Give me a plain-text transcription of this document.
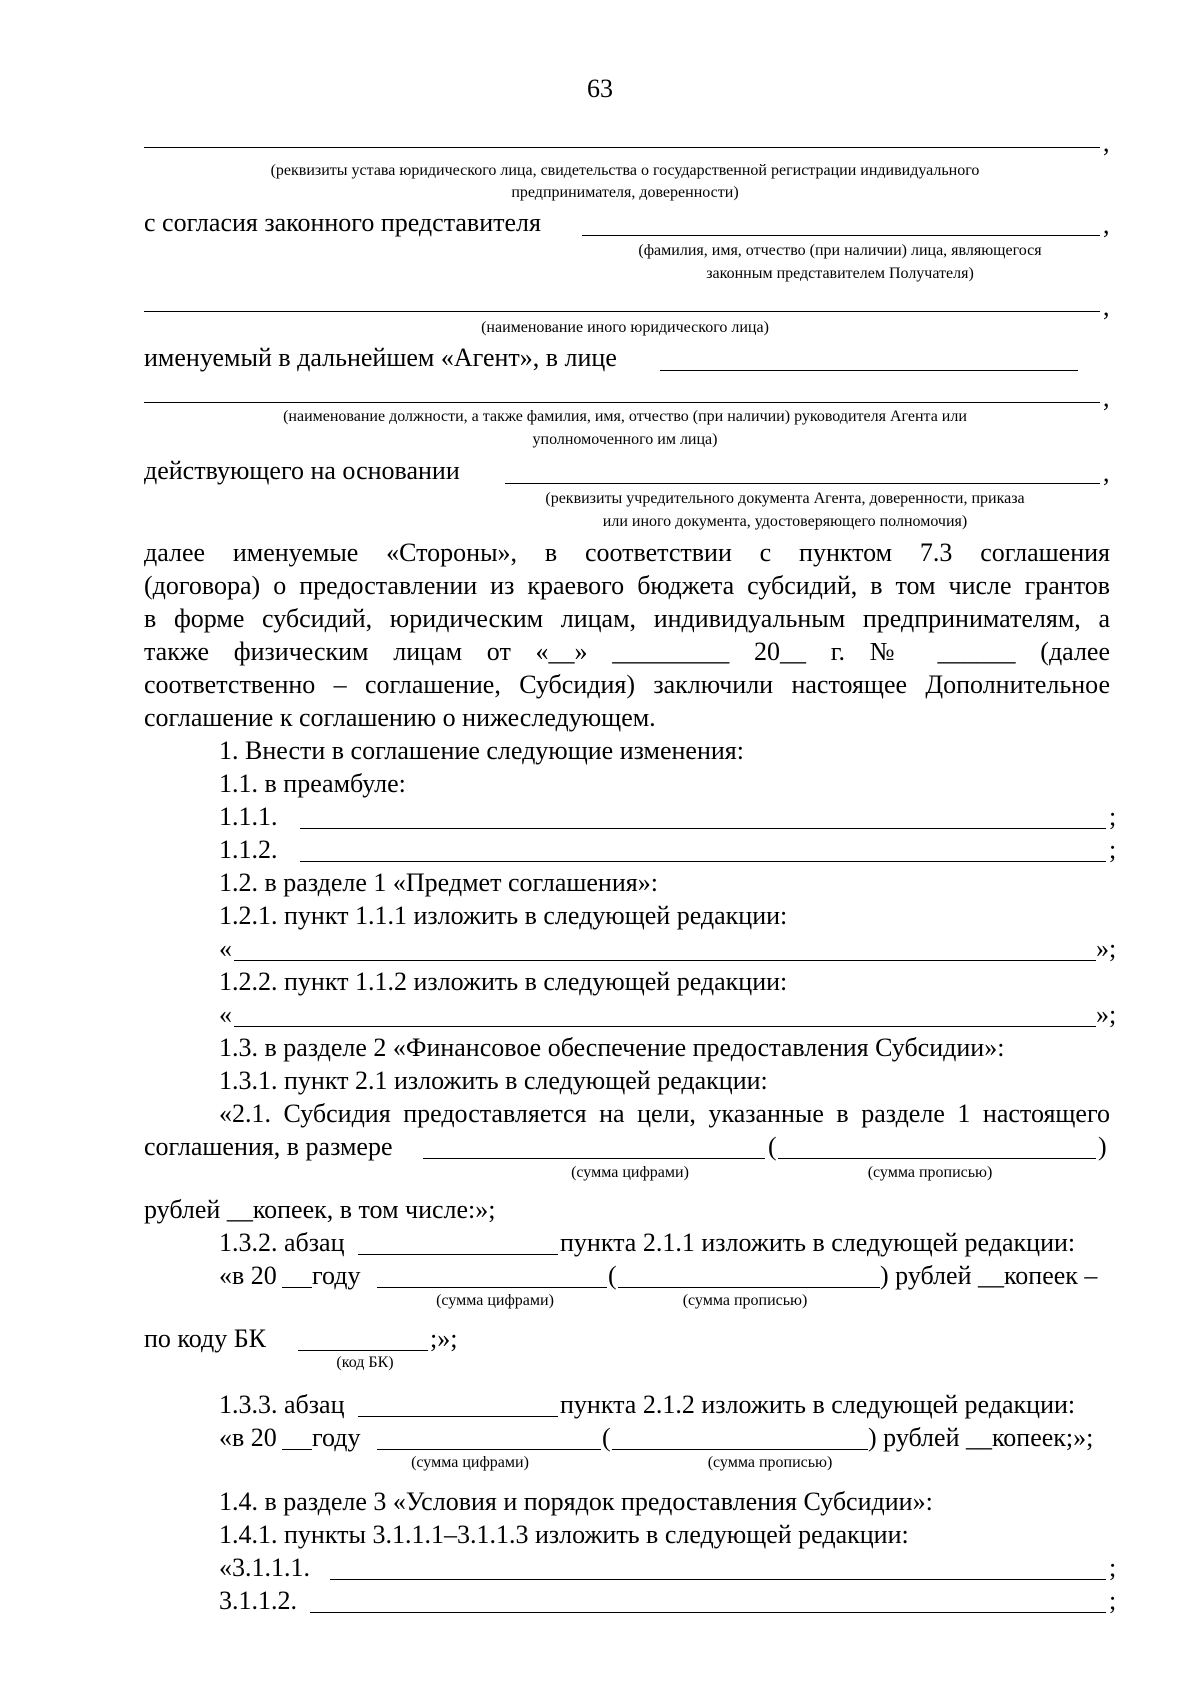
63
,
(реквизиты устава юридического лица, свидетельства о государственной регистрации индивидуального
предпринимателя, доверенности)
с согласия законного представителя	,
(фамилия, имя, отчество (при наличии) лица, являющегося
законным представителем Получателя)
,
(наименование иного юридического лица)
именуемый в дальнейшем «Агент», в лице
,
(наименование должности, а также фамилия, имя, отчество (при наличии) руководителя Агента или
уполномоченного им лица)
действующего на основании	,
(реквизиты учредительного документа Агента, доверенности, приказа
или иного документа, удостоверяющего полномочия)
далее именуемые «Стороны», в соответствии с пунктом 7.3 соглашения
(договора) о предоставлении из краевого бюджета субсидий, в том числе грантов
в форме субсидий, юридическим лицам, индивидуальным предпринимателям, а
также физическим лицам от «__» _________ 20__ г. № ______ (далее
соответственно – соглашение, Субсидия) заключили настоящее Дополнительное
соглашение к соглашению о нижеследующем.
1. Внести в соглашение следующие изменения:
1.1. в преамбуле:
1.1.1.	;
1.1.2.	;
1.2. в разделе 1 «Предмет соглашения»:
1.2.1. пункт 1.1.1 изложить в следующей редакции:
«	»;
1.2.2. пункт 1.1.2 изложить в следующей редакции:
«	»;
1.3. в разделе 2 «Финансовое обеспечение предоставления Субсидии»:
1.3.1. пункт 2.1 изложить в следующей редакции:
«2.1. Субсидия предоставляется на цели, указанные в разделе 1 настоящего
соглашения, в размере	(	)
(сумма цифрами)	(сумма прописью)
рублей __копеек, в том числе:»;
1.3.2. абзац	пункта 2.1.1 изложить в следующей редакции:
«в 20 году	(	) рублей __копеек –
(сумма цифрами)	(сумма прописью)
по коду БК	;»;
(код БК)
1.3.3. абзац	пункта 2.1.2 изложить в следующей редакции:
«в 20 году	(	) рублей __копеек;»;
(сумма цифрами)	(сумма прописью)
1.4. в разделе 3 «Условия и порядок предоставления Субсидии»:
1.4.1. пункты 3.1.1.1–3.1.1.3 изложить в следующей редакции:
«3.1.1.1.	;
3.1.1.2.	;
